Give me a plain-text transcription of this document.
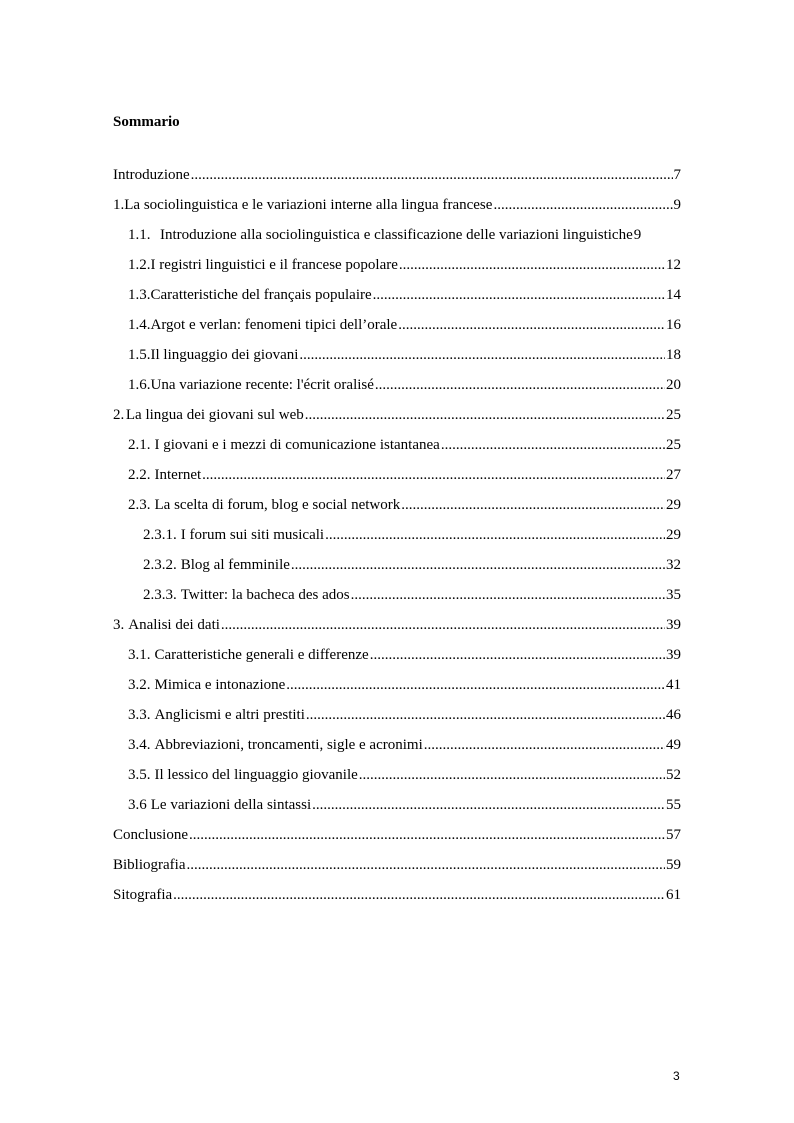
Sommario
Introduzione .....	7
1. La sociolinguistica e le variazioni interne alla lingua francese .....	9
1.1. Introduzione alla sociolinguistica e classificazione delle variazioni linguistiche 9
1.2. I registri linguistici e il francese popolare .....	12
1.3. Caratteristiche del français populaire .....	14
1.4. Argot e verlan: fenomeni tipici dell’orale .....	16
1.5. Il linguaggio dei giovani .....	18
1.6. Una variazione recente: l'écrit oralisé .....	20
2. La lingua dei giovani sul web .....	25
2.1. I giovani e i mezzi di comunicazione istantanea .....	25
2.2. Internet .....	27
2.3. La scelta di forum, blog e social network .....	29
2.3.1. I forum sui siti musicali .....	29
2.3.2. Blog al femminile .....	32
2.3.3. Twitter: la bacheca des ados .....	35
3. Analisi dei dati .....	39
3.1. Caratteristiche generali e differenze .....	39
3.2. Mimica e intonazione .....	41
3.3. Anglicismi e altri prestiti .....	46
3.4. Abbreviazioni, troncamenti, sigle e acronimi .....	49
3.5. Il lessico del linguaggio giovanile .....	52
3.6 Le variazioni della sintassi .....	55
Conclusione .....	57
Bibliografia .....	59
Sitografia .....	61
3
